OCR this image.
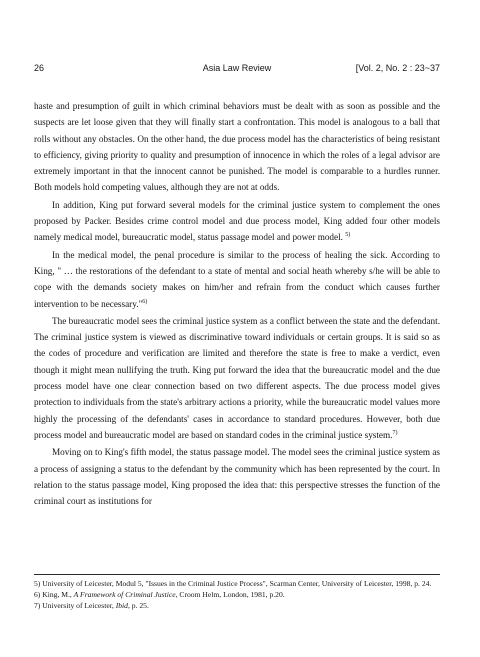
26	Asia Law Review	[Vol. 2, No. 2 : 23~37

haste and presumption of guilt in which criminal behaviors must be dealt with as soon as possible and the suspects are let loose given that they will finally start a confrontation. This model is analogous to a ball that rolls without any obstacles. On the other hand, the due process model has the characteristics of being resistant to efficiency, giving priority to quality and presumption of innocence in which the roles of a legal advisor are extremely important in that the innocent cannot be punished. The model is comparable to a hurdles runner. Both models hold competing values, although they are not at odds.

In addition, King put forward several models for the criminal justice system to complement the ones proposed by Packer. Besides crime control model and due process model, King added four other models namely medical model, bureaucratic model, status passage model and power model. $^{5)}$

In the medical model, the penal procedure is similar to the process of healing the sick. According to King, " … the restorations of the defendant to a state of mental and social heath whereby s/he will be able to cope with the demands society makes on him/her and refrain from the conduct which causes further intervention to be necessary."$^{6)}$

The bureaucratic model sees the criminal justice system as a conflict between the state and the defendant. The criminal justice system is viewed as discriminative toward individuals or certain groups. It is said so as the codes of procedure and verification are limited and therefore the state is free to make a verdict, even though it might mean nullifying the truth. King put forward the idea that the bureaucratic model and the due process model have one clear connection based on two different aspects. The due process model gives protection to individuals from the state's arbitrary actions a priority, while the bureaucratic model values more highly the processing of the defendants' cases in accordance to standard procedures. However, both due process model and bureaucratic model are based on standard codes in the criminal justice system.$^{7)}$

Moving on to King's fifth model, the status passage model. The model sees the criminal justice system as a process of assigning a status to the defendant by the community which has been represented by the court. In relation to the status passage model, King proposed the idea that: this perspective stresses the function of the criminal court as institutions for

5) University of Leicester, Modul 5, "Issues in the Criminal Justice Process", Scarman Center, University of Leicester, 1998, p. 24.

6) King, M., A Framework of Criminal Justice, Croom Helm, London, 1981, p.20.

7) University of Leicester, Ibid, p. 25.
